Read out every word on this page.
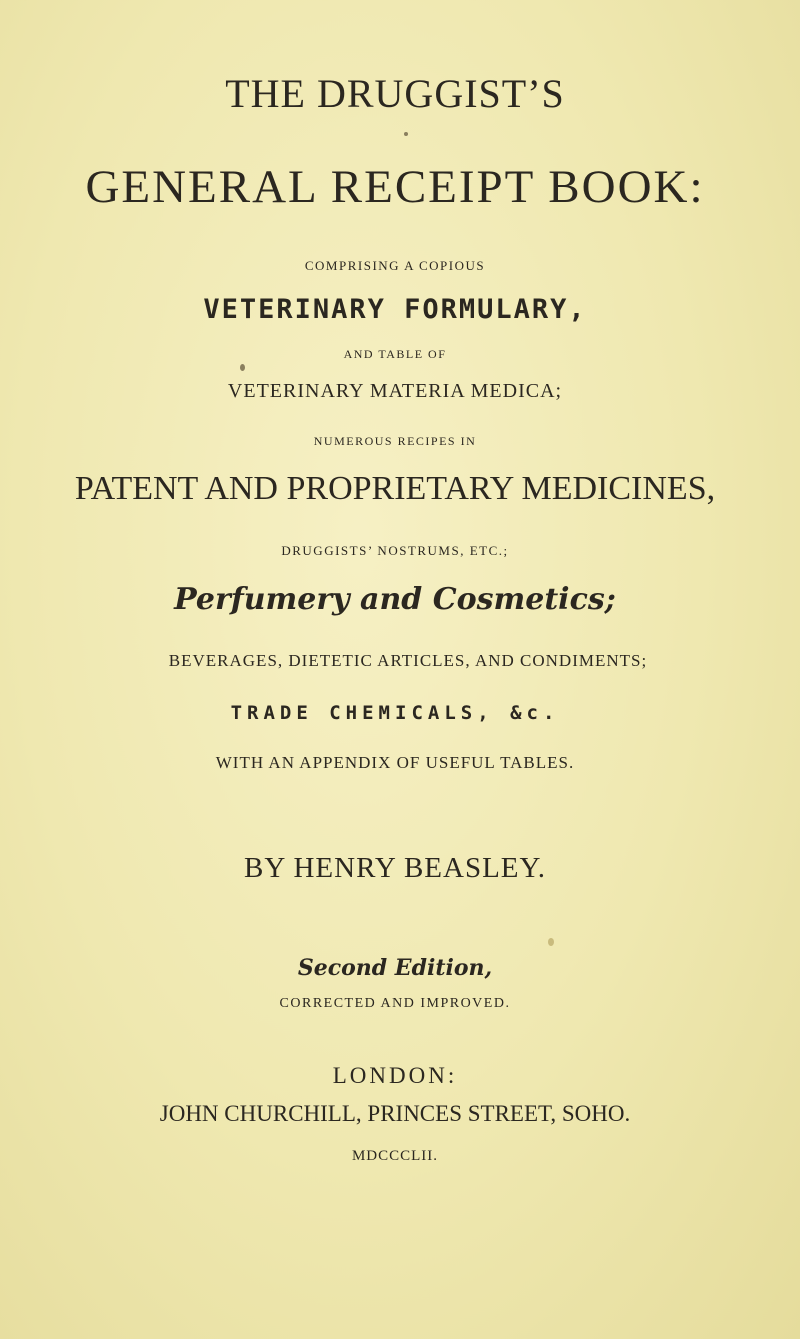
THE DRUGGIST’S
GENERAL RECEIPT BOOK:
COMPRISING A COPIOUS
VETERINARY FORMULARY,
AND TABLE OF
VETERINARY MATERIA MEDICA;
NUMEROUS RECIPES IN
PATENT AND PROPRIETARY MEDICINES,
DRUGGISTS’ NOSTRUMS, ETC.;
Perfumery and Cosmetics;
BEVERAGES, DIETETIC ARTICLES, AND CONDIMENTS;
TRADE CHEMICALS, &c.
WITH AN APPENDIX OF USEFUL TABLES.
BY HENRY BEASLEY.
Second Edition,
CORRECTED AND IMPROVED.
LONDON:
JOHN CHURCHILL, PRINCES STREET, SOHO.
MDCCCLII.
